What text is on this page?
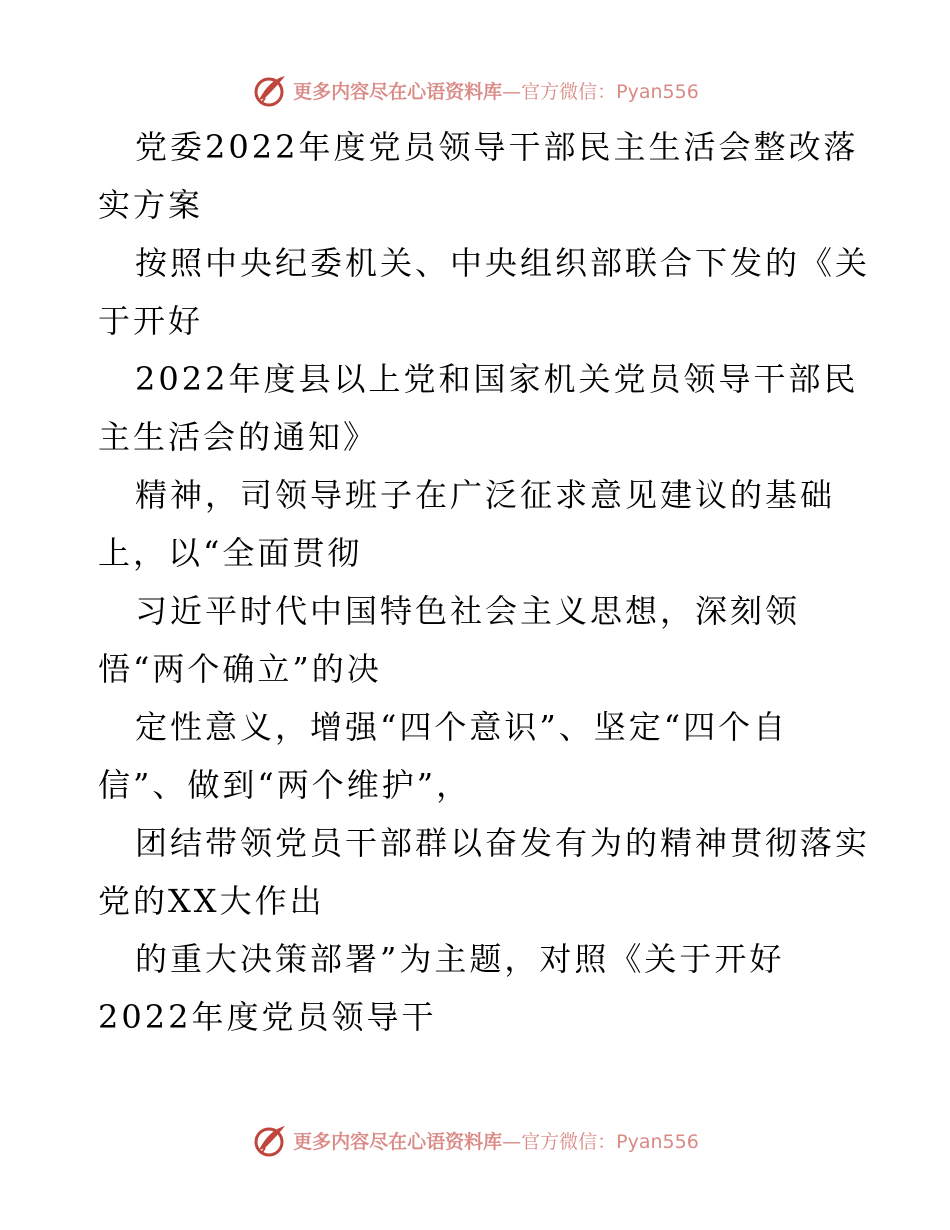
更多内容尽在心语资料库 —官方微信：Pyan556
党委2022年度党员领导干部民主生活会整改落
实方案
按照中央纪委机关、中央组织部联合下发的《关
于开好
2022年度县以上党和国家机关党员领导干部民
主生活会的通知》
精神，司领导班子在广泛征求意见建议的基础
上，以“全面贯彻
习近平时代中国特色社会主义思想，深刻领
悟“两个确立”的决
定性意义，增强“四个意识”、坚定“四个自
信”、做到“两个维护”，
团结带领党员干部群以奋发有为的精神贯彻落实
党的XX大作出
的重大决策部署”为主题，对照《关于开好
2022年度党员领导干
更多内容尽在心语资料库 —官方微信：Pyan556
